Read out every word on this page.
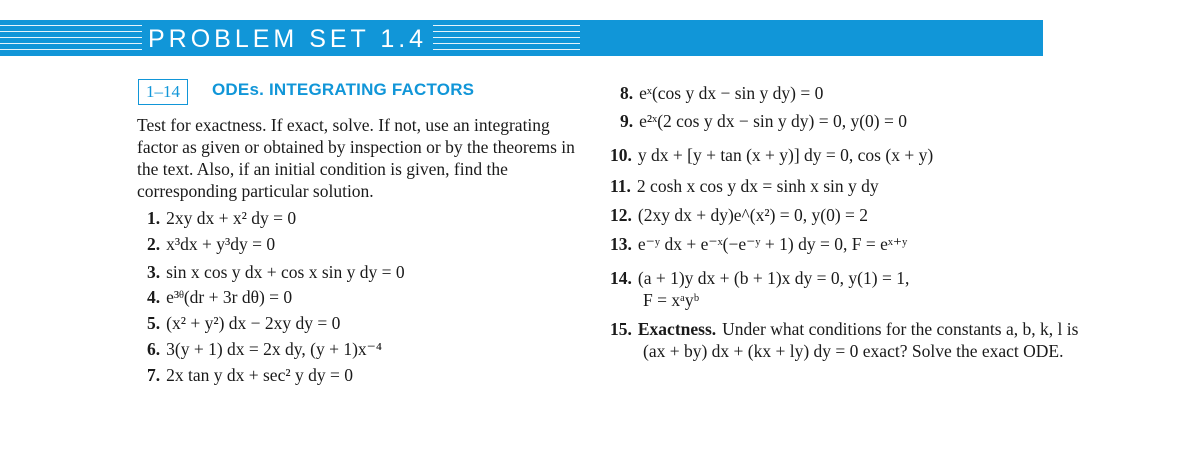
PROBLEM SET 1.4
1–14	ODEs. INTEGRATING FACTORS
Test for exactness. If exact, solve. If not, use an integrating factor as given or obtained by inspection or by the theorems in the text. Also, if an initial condition is given, find the corresponding particular solution.
1. 2xy dx + x² dy = 0
2. x³dx + y³dy = 0
3. sin x cos y dx + cos x sin y dy = 0
4. e³ᶿ(dr + 3r dθ) = 0
5. (x² + y²) dx − 2xy dy = 0
6. 3(y + 1) dx = 2x dy, (y + 1)x⁻⁴
7. 2x tan y dx + sec² y dy = 0
8. eˣ(cos y dx − sin y dy) = 0
9. e²ˣ(2 cos y dx − sin y dy) = 0, y(0) = 0
10. y dx + [y + tan (x + y)] dy = 0, cos (x + y)
11. 2 cosh x cos y dx = sinh x sin y dy
12. (2xy dx + dy)e^(x²) = 0, y(0) = 2
13. e⁻ʸ dx + e⁻ˣ(−e⁻ʸ + 1) dy = 0, F = eˣ⁺ʸ
14. (a + 1)y dx + (b + 1)x dy = 0, y(1) = 1,
F = xᵃyᵇ
15. Exactness. Under what conditions for the constants a, b, k, l is (ax + by) dx + (kx + ly) dy = 0 exact? Solve the exact ODE.
